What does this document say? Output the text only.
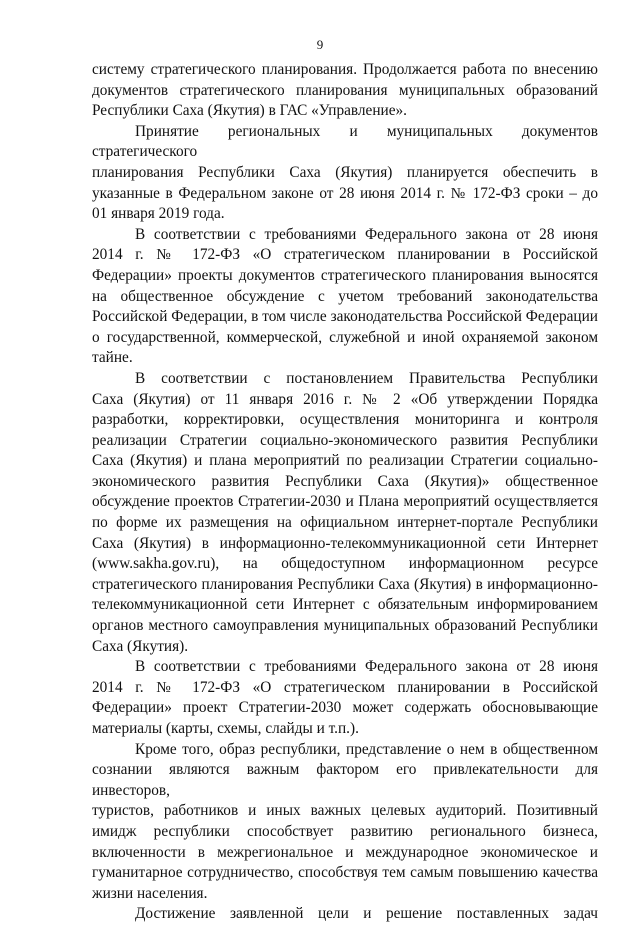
9
систему стратегического планирования. Продолжается работа по внесению
документов стратегического планирования муниципальных образований
Республики Саха (Якутия) в ГАС «Управление».
Принятие региональных и муниципальных документов стратегического
планирования Республики Саха (Якутия) планируется обеспечить в
указанные в Федеральном законе от 28 июня 2014 г. № 172-ФЗ сроки – до
01 января 2019 года.
В соответствии с требованиями Федерального закона от 28 июня
2014 г. № 172-ФЗ «О стратегическом планировании в Российской
Федерации» проекты документов стратегического планирования выносятся
на общественное обсуждение с учетом требований законодательства
Российской Федерации, в том числе законодательства Российской Федерации
о государственной, коммерческой, служебной и иной охраняемой законом
тайне.
В соответствии с постановлением Правительства Республики
Саха (Якутия) от 11 января 2016 г. № 2 «Об утверждении Порядка
разработки, корректировки, осуществления мониторинга и контроля
реализации Стратегии социально-экономического развития Республики
Саха (Якутия) и плана мероприятий по реализации Стратегии социально-
экономического развития Республики Саха (Якутия)» общественное
обсуждение проектов Стратегии-2030 и Плана мероприятий осуществляется
по форме их размещения на официальном интернет-портале Республики
Саха (Якутия) в информационно-телекоммуникационной сети Интернет
(www.sakha.gov.ru), на общедоступном информационном ресурсе
стратегического планирования Республики Саха (Якутия) в информационно-
телекоммуникационной сети Интернет с обязательным информированием
органов местного самоуправления муниципальных образований Республики
Саха (Якутия).
В соответствии с требованиями Федерального закона от 28 июня
2014 г. № 172-ФЗ «О стратегическом планировании в Российской
Федерации» проект Стратегии-2030 может содержать обосновывающие
материалы (карты, схемы, слайды и т.п.).
Кроме того, образ республики, представление о нем в общественном
сознании являются важным фактором его привлекательности для инвесторов,
туристов, работников и иных важных целевых аудиторий. Позитивный
имидж республики способствует развитию регионального бизнеса,
включенности в межрегиональное и международное экономическое и
гуманитарное сотрудничество, способствуя тем самым повышению качества
жизни населения.
Достижение заявленной цели и решение поставленных задач
